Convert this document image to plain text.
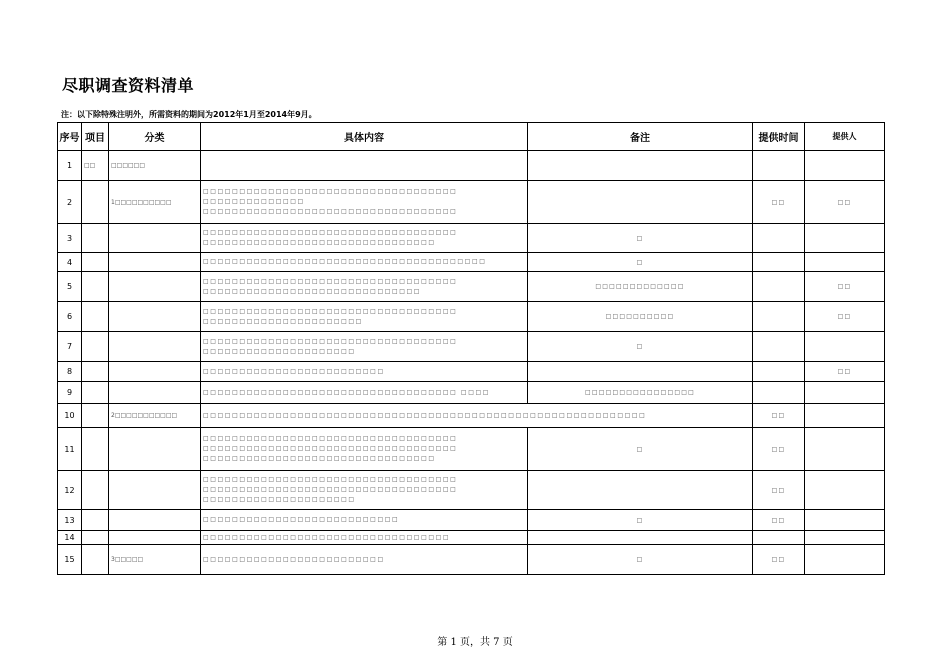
尽职调查资料清单
注：以下除特殊注明外，所需资料的期间为2012年1月至2014年9月。
序号	项目	分类	具体内容	备注	提供时间	提供人
1	□□	□□□□□□				
2		1□□□□□□□□□□	□□□□□□□□□□□□□□□□□□□□□□□□□□□□□□□□□□□ □□□□□□□□□□□□□□ □□□□□□□□□□□□□□□□□□□□□□□□□□□□□□□□□□□		□□	□□
3			□□□□□□□□□□□□□□□□□□□□□□□□□□□□□□□□□□□ □□□□□□□□□□□□□□□□□□□□□□□□□□□□□□□□	□		
4			□□□□□□□□□□□□□□□□□□□□□□□□□□□□□□□□□□□□□□□	□		
5			□□□□□□□□□□□□□□□□□□□□□□□□□□□□□□□□□□□ □□□□□□□□□□□□□□□□□□□□□□□□□□□□□□	□□□□□□□□□□□□□		□□
6			□□□□□□□□□□□□□□□□□□□□□□□□□□□□□□□□□□□ □□□□□□□□□□□□□□□□□□□□□□	□□□□□□□□□□		□□
7			□□□□□□□□□□□□□□□□□□□□□□□□□□□□□□□□□□□ □□□□□□□□□□□□□□□□□□□□□	□		
8			□□□□□□□□□□□□□□□□□□□□□□□□□			□□
9			□□□□□□□□□□□□□□□□□□□□□□□□□□□□□□□□□□□ □□□□	□□□□□□□□□□□□□□□□		
10		2□□□□□□□□□□□	□□□□□□□□□□□□□□□□□□□□□□□□□□□□□□□□□□□□□□□□□□□□□□□□□□□□□□□□□□□□□		□□	
11			□□□□□□□□□□□□□□□□□□□□□□□□□□□□□□□□□□□ □□□□□□□□□□□□□□□□□□□□□□□□□□□□□□□□□□□ □□□□□□□□□□□□□□□□□□□□□□□□□□□□□□□□	□	□□	
12			□□□□□□□□□□□□□□□□□□□□□□□□□□□□□□□□□□□ □□□□□□□□□□□□□□□□□□□□□□□□□□□□□□□□□□□ □□□□□□□□□□□□□□□□□□□□□		□□	
13			□□□□□□□□□□□□□□□□□□□□□□□□□□□	□	□□	
14			□□□□□□□□□□□□□□□□□□□□□□□□□□□□□□□□□□			
15		3□□□□□	□□□□□□□□□□□□□□□□□□□□□□□□□	□	□□	
第 1 页，共 7 页
